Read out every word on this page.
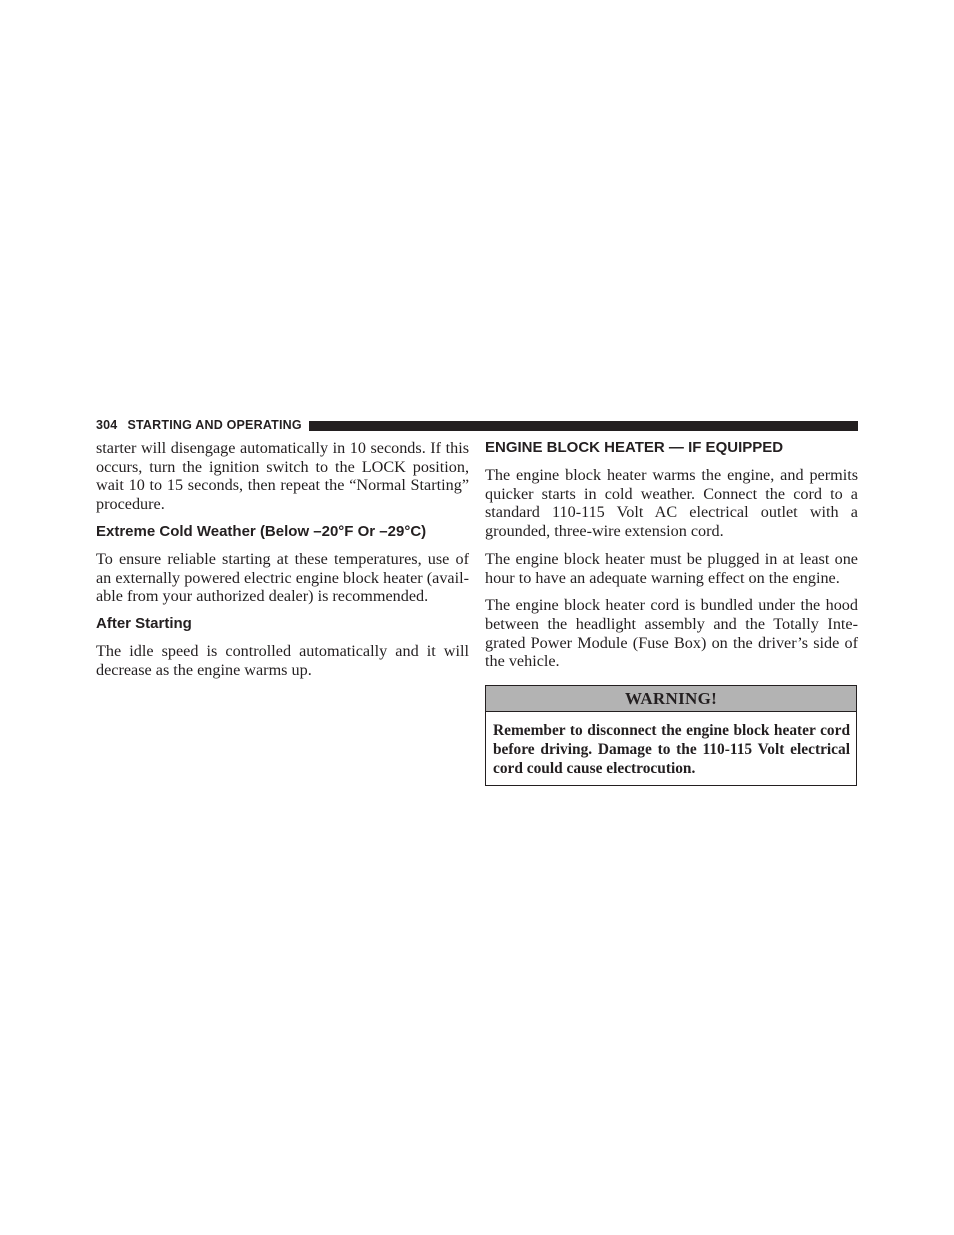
304 STARTING AND OPERATING

starter will disengage automatically in 10 seconds. If this occurs, turn the ignition switch to the LOCK position, wait 10 to 15 seconds, then repeat the “Normal Starting” procedure.

Extreme Cold Weather (Below –20°F Or –29°C)

To ensure reliable starting at these temperatures, use of an externally powered electric engine block heater (avail-able from your authorized dealer) is recommended.

After Starting

The idle speed is controlled automatically and it will decrease as the engine warms up.

ENGINE BLOCK HEATER — IF EQUIPPED

The engine block heater warms the engine, and permits quicker starts in cold weather. Connect the cord to a standard 110-115 Volt AC electrical outlet with a grounded, three-wire extension cord.

The engine block heater must be plugged in at least one hour to have an adequate warning effect on the engine.

The engine block heater cord is bundled under the hood between the headlight assembly and the Totally Inte-grated Power Module (Fuse Box) on the driver’s side of the vehicle.

WARNING!
Remember to disconnect the engine block heater cord before driving. Damage to the 110-115 Volt electrical cord could cause electrocution.
